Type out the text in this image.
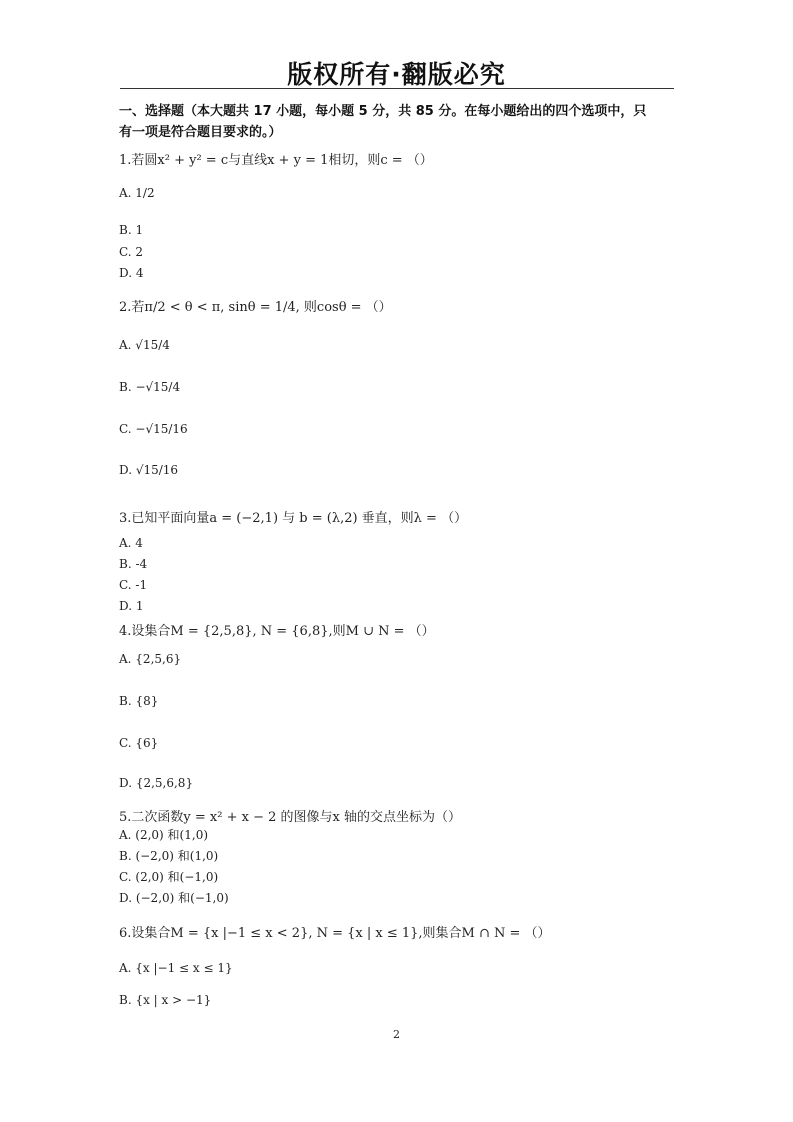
版权所有·翻版必究
一、选择题（本大题共 17 小题，每小题 5 分，共 85 分。在每小题给出的四个选项中，只
有一项是符合题目要求的。）
1.若圆x² + y² = c与直线x + y = 1相切，则c = （）
A. 1/2
B. 1
C. 2
D. 4
2.若π/2 < θ < π, sinθ = 1/4, 则cosθ = （）
A. √15/4
B. −√15/4
C. −√15/16
D. √15/16
3.已知平面向量a = (−2,1) 与 b = (λ,2) 垂直，则λ = （）
A. 4
B. -4
C. -1
D. 1
4.设集合M = {2,5,8}, N = {6,8},则M ∪ N = （）
A. {2,5,6}
B. {8}
C. {6}
D. {2,5,6,8}
5.二次函数y = x² + x − 2 的图像与x 轴的交点坐标为（）
A. (2,0) 和(1,0)
B. (−2,0) 和(1,0)
C. (2,0) 和(−1,0)
D. (−2,0) 和(−1,0)
6.设集合M = {x |−1 ≤ x < 2}, N = {x | x ≤ 1},则集合M ∩ N = （）
A. {x |−1 ≤ x ≤ 1}
B. {x | x > −1}
2
